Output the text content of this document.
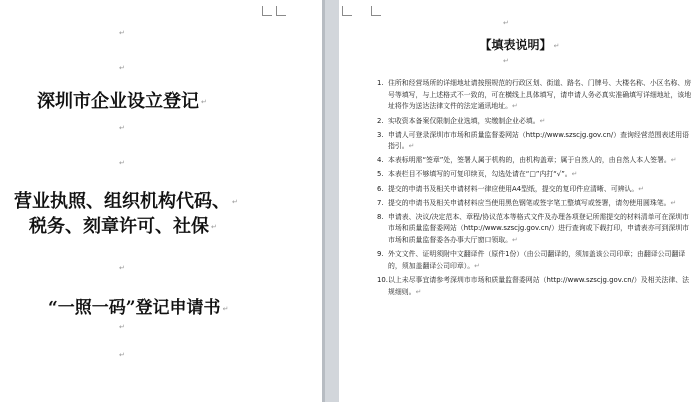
↵
↵
深圳市企业设立登记 ↵
↵
↵
营业执照、组织机构代码、 ↵
税务、刻章许可、社保 ↵
↵
“一照一码”登记申请书 ↵
↵
↵
↵
【填表说明】 ↵
↵
1. 住所和经营场所的详细地址请按照规范的行政区划、街道、路名、门牌号、大楼名称、小区名称、房号等填写，与上述格式不一致的，可在横线上具体填写，请申请人务必真实准确填写详细地址，该地址将作为送达法律文件的法定通讯地址。↵
2. 实收资本备案仅限制企业选填，实缴制企业必填。↵
3. 申请人可登录深圳市市场和质量监督委网站（http://www.szscjg.gov.cn/）查询经营范围表述用语指引。↵
4. 本表标明需“签章”处，签署人属于机构的，由机构盖章；属于自然人的，由自然人本人签署。↵
5. 本表栏目不够填写的可复印续页，勾选处请在“□”内打“√”。↵
6. 提交的申请书及相关申请材料一律应使用A4型纸，提交的复印件应清晰、可辨认。↵
7. 提交的申请书及相关申请材料应当使用黑色钢笔或签字笔工整填写或签署，请勿使用圆珠笔。↵
8. 申请表、决议/决定范本、章程/协议范本等格式文件及办理各项登记所需提交的材料清单可在深圳市市场和质量监督委网站（http://www.szscjg.gov.cn/）进行查询或下载打印，申请表亦可到深圳市市场和质量监督委各办事大厅窗口领取。↵
9. 外文文件、证明须附中文翻译件（原件1份）（由公司翻译的，须加盖该公司印章；由翻译公司翻译的，须加盖翻译公司印章）。↵
10. 以上未尽事宜请参考深圳市市场和质量监督委网站（http://www.szscjg.gov.cn/）及相关法律、法规细则。↵
